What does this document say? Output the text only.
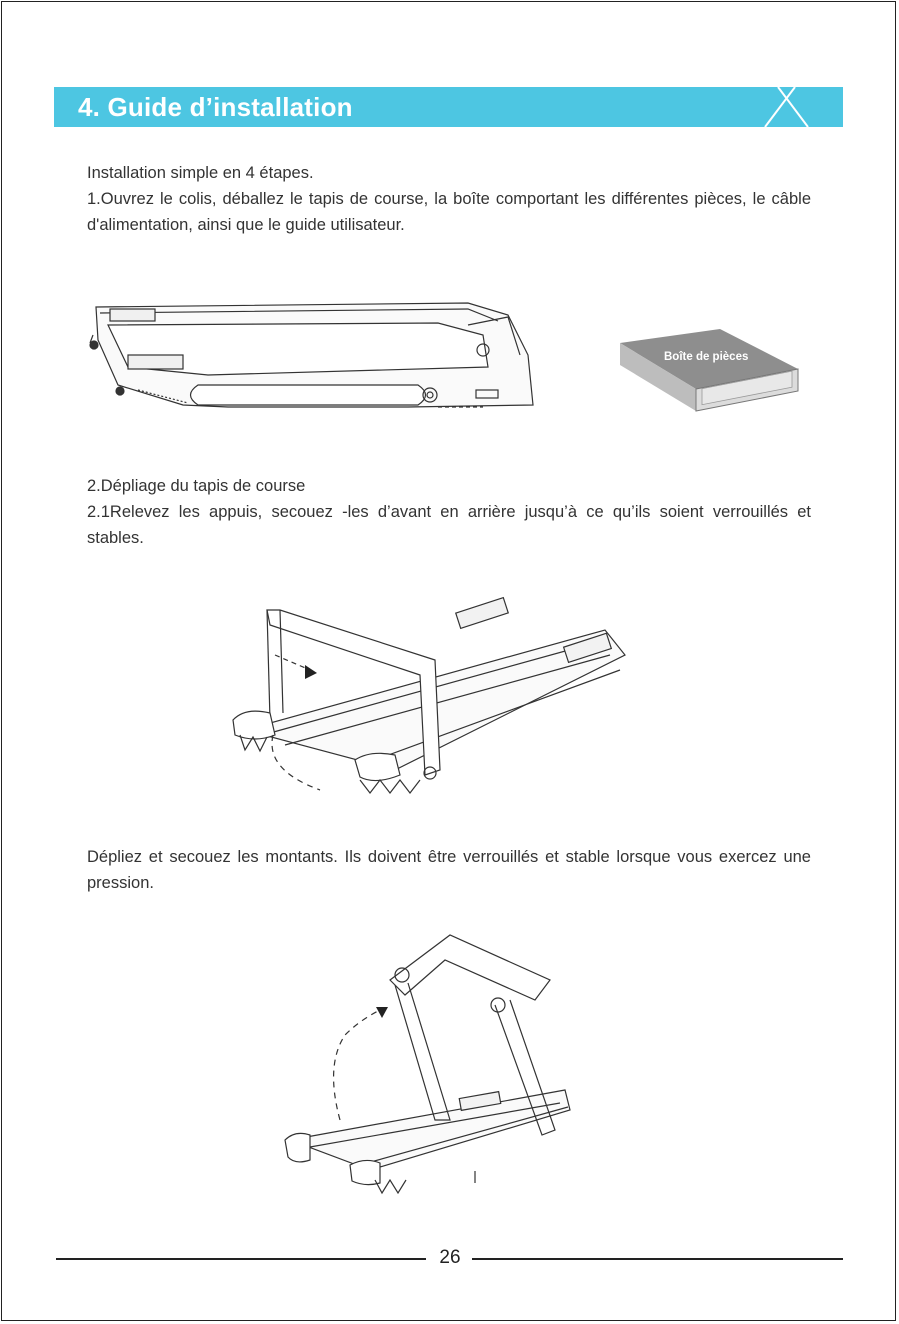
4. Guide d’installation
Installation simple en 4 étapes.
1.Ouvrez le colis, déballez le tapis de course, la boîte comportant les différentes pièces, le câble d'alimentation, ainsi que le guide utilisateur.
Boîte de pièces
2.Dépliage du tapis de course
2.1Relevez les appuis, secouez -les d’avant en arrière jusqu’à ce qu’ils soient verrouillés et stables.
Dépliez et secouez les montants. Ils doivent être verrouillés et stable lorsque vous exercez une pression.
26
